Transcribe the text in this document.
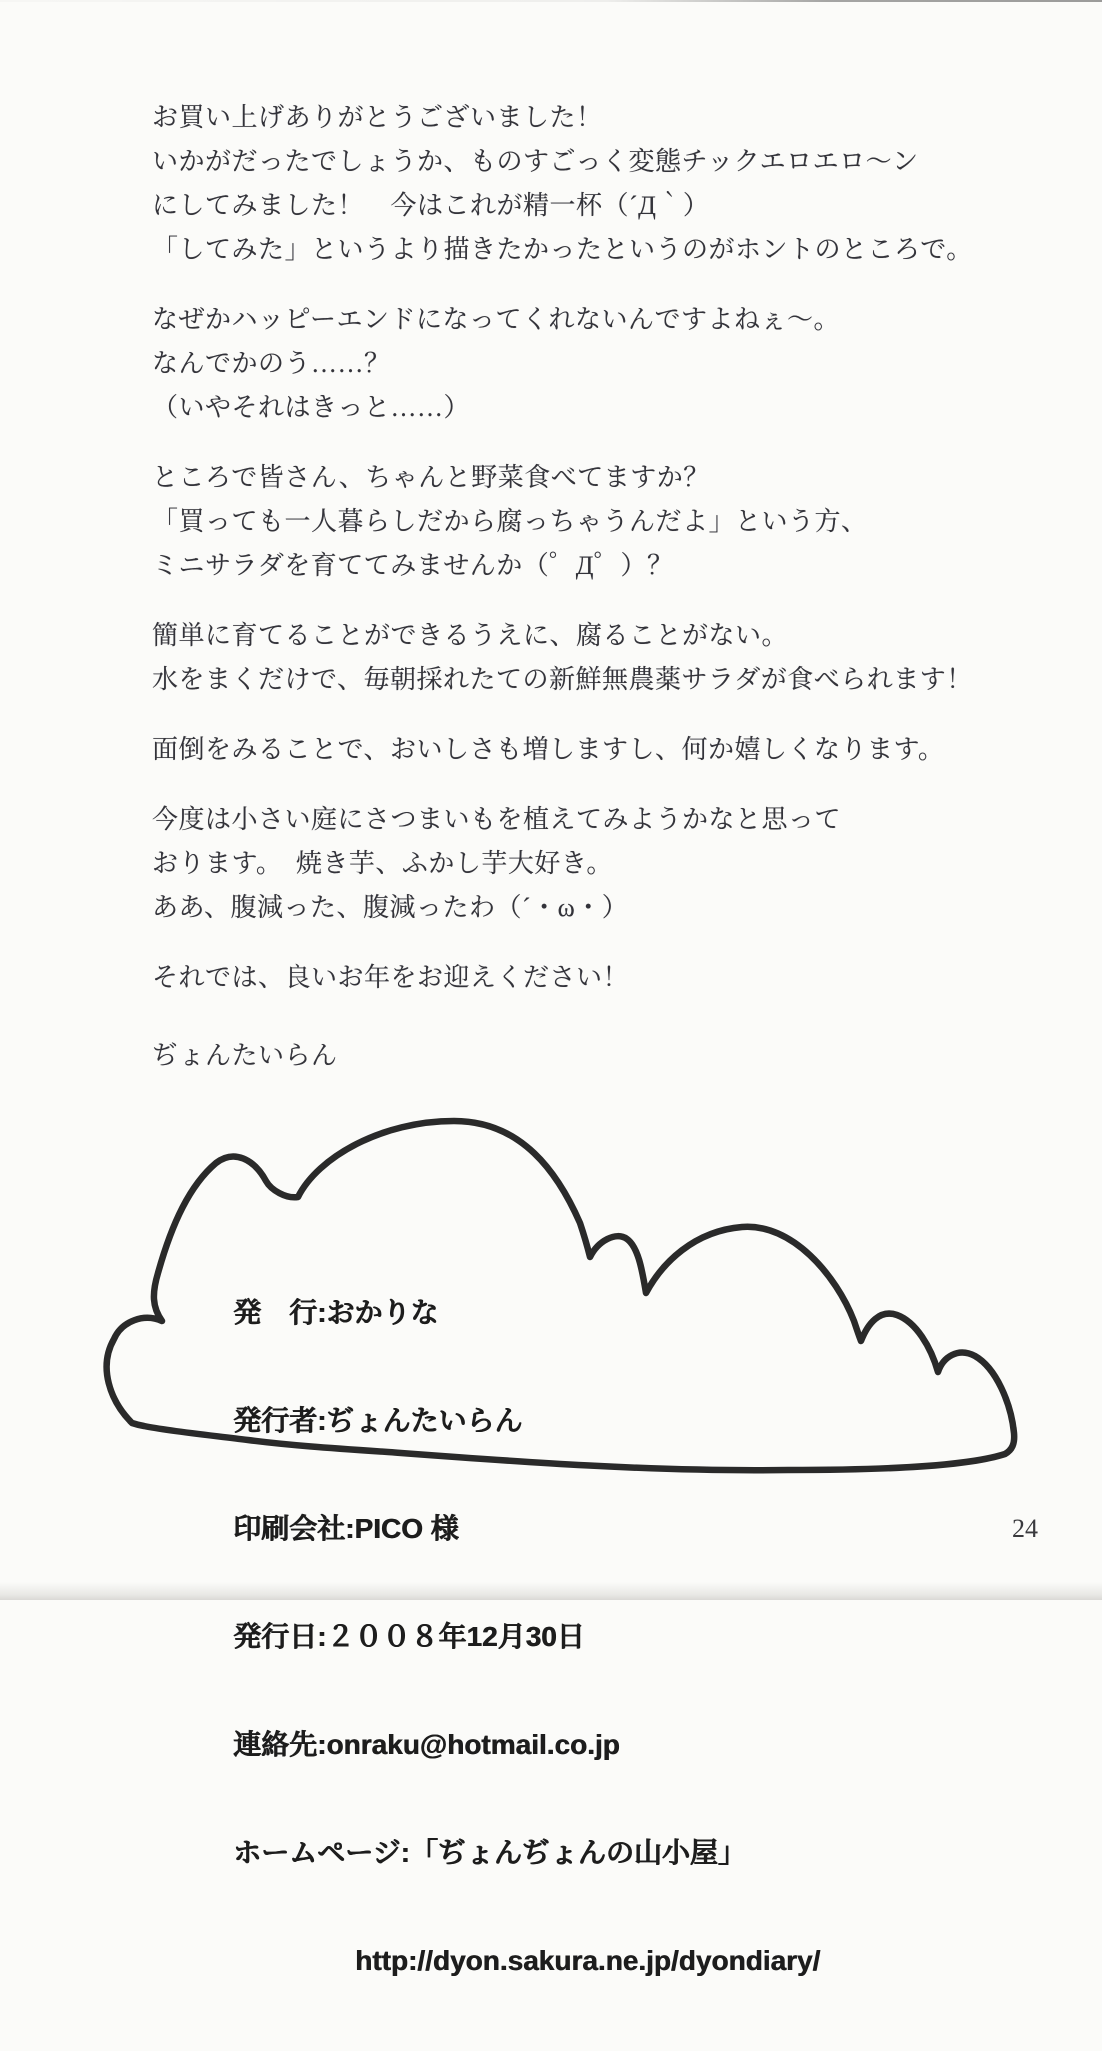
お買い上げありがとうございました！
いかがだったでしょうか、ものすごっく変態チックエロエロ～ン
にしてみました！　今はこれが精一杯（´Д｀）
「してみた」というより描きたかったというのがホントのところで。
なぜかハッピーエンドになってくれないんですよねぇ～。
なんでかのう……？
（いやそれはきっと……）
ところで皆さん、ちゃんと野菜食べてますか？
「買っても一人暮らしだから腐っちゃうんだよ」という方、
ミニサラダを育ててみませんか（゜Д゜）？
簡単に育てることができるうえに、腐ることがない。
水をまくだけで、毎朝採れたての新鮮無農薬サラダが食べられます！
面倒をみることで、おいしさも増しますし、何か嬉しくなります。
今度は小さい庭にさつまいもを植えてみようかなと思って
おります。　焼き芋、ふかし芋大好き。
ああ、腹減った、腹減ったわ（´・ω・）
それでは、良いお年をお迎えください！
ぢょんたいらん

発　行:おかりな

発行者:ぢょんたいらん

印刷会社:PICO 様

発行日:２００８年12月30日

連絡先:onraku@hotmail.co.jp

ホームページ:「ぢょんぢょんの山小屋」

http://dyon.sakura.ne.jp/dyondiary/

24
